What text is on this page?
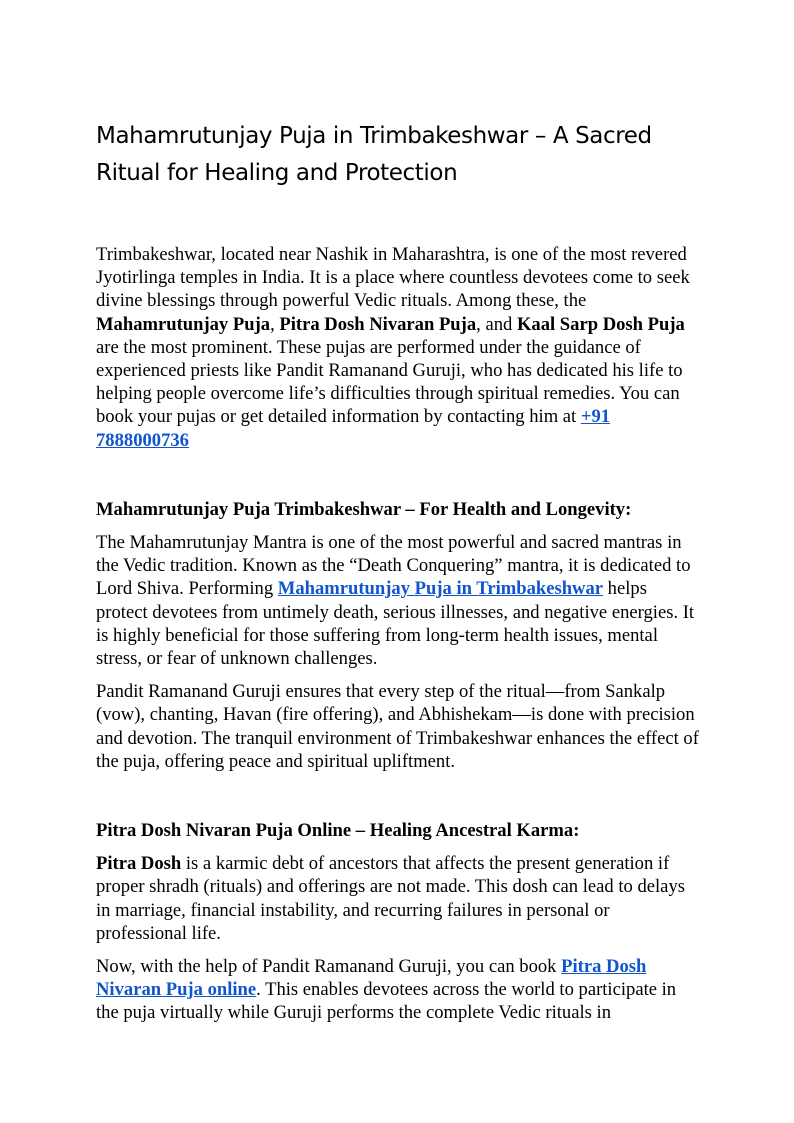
Mahamrutunjay Puja in Trimbakeshwar – A Sacred
Ritual for Healing and Protection

Trimbakeshwar, located near Nashik in Maharashtra, is one of the most revered Jyotirlinga temples in India. It is a place where countless devotees come to seek divine blessings through powerful Vedic rituals. Among these, the Mahamrutunjay Puja, Pitra Dosh Nivaran Puja, and Kaal Sarp Dosh Puja are the most prominent. These pujas are performed under the guidance of experienced priests like Pandit Ramanand Guruji, who has dedicated his life to helping people overcome life’s difficulties through spiritual remedies. You can book your pujas or get detailed information by contacting him at +91 7888000736

Mahamrutunjay Puja Trimbakeshwar – For Health and Longevity:

The Mahamrutunjay Mantra is one of the most powerful and sacred mantras in the Vedic tradition. Known as the “Death Conquering” mantra, it is dedicated to Lord Shiva. Performing Mahamrutunjay Puja in Trimbakeshwar helps protect devotees from untimely death, serious illnesses, and negative energies. It is highly beneficial for those suffering from long-term health issues, mental stress, or fear of unknown challenges.

Pandit Ramanand Guruji ensures that every step of the ritual—from Sankalp (vow), chanting, Havan (fire offering), and Abhishekam—is done with precision and devotion. The tranquil environment of Trimbakeshwar enhances the effect of the puja, offering peace and spiritual upliftment.

Pitra Dosh Nivaran Puja Online – Healing Ancestral Karma:

Pitra Dosh is a karmic debt of ancestors that affects the present generation if proper shradh (rituals) and offerings are not made. This dosh can lead to delays in marriage, financial instability, and recurring failures in personal or professional life.

Now, with the help of Pandit Ramanand Guruji, you can book Pitra Dosh Nivaran Puja online. This enables devotees across the world to participate in the puja virtually while Guruji performs the complete Vedic rituals in
